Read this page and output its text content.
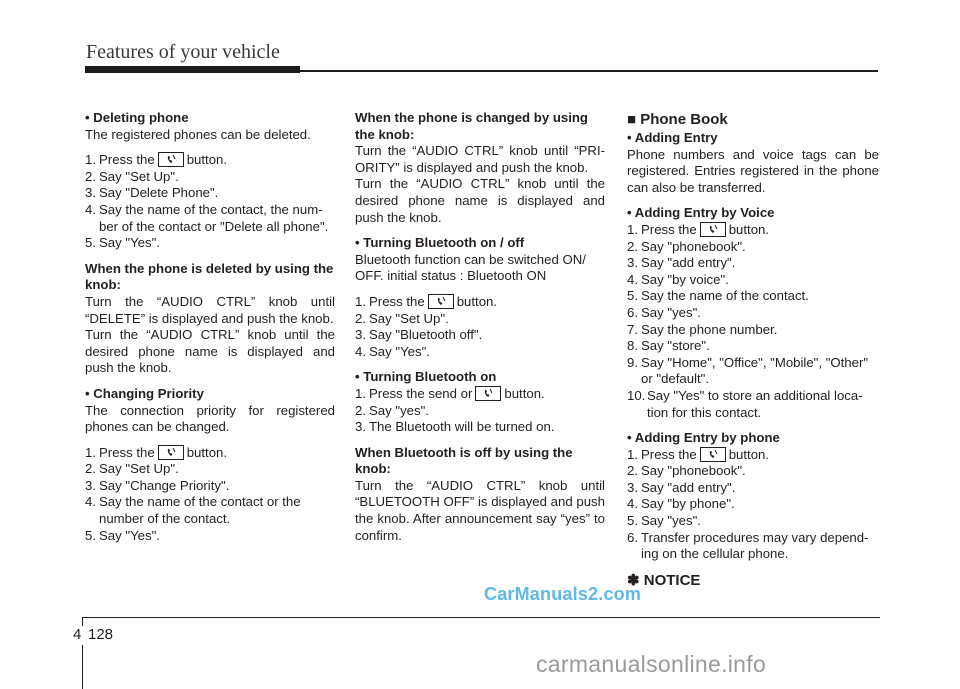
Features of your vehicle

• Deleting phone

The registered phones can be deleted.

1. Press the button.
2. Say "Set Up".
3. Say "Delete Phone".
4. Say the name of the contact, the num-ber of the contact or "Delete all phone".
5. Say "Yes".

When the phone is deleted by using the knob:

Turn the “AUDIO CTRL” knob until “DELETE” is displayed and push the knob.

Turn the “AUDIO CTRL” knob until the desired phone name is displayed and push the knob.

• Changing Priority

The connection priority for registered phones can be changed.

1. Press the button.
2. Say "Set Up".
3. Say "Change Priority".
4. Say the name of the contact or the number of the contact.
5. Say "Yes".

When the phone is changed by using the knob:

Turn the “AUDIO CTRL” knob until “PRI-ORITY” is displayed and push the knob.

Turn the “AUDIO CTRL” knob until the desired phone name is displayed and push the knob.

• Turning Bluetooth on / off

Bluetooth function can be switched ON/ OFF. initial status : Bluetooth ON

1. Press the button.
2. Say "Set Up".
3. Say "Bluetooth off".
4. Say "Yes".

• Turning Bluetooth on

1. Press the send or button.
2. Say "yes".
3. The Bluetooth will be turned on.

When Bluetooth is off by using the knob:

Turn the “AUDIO CTRL” knob until “BLUETOOTH OFF” is displayed and push the knob. After announcement say “yes” to confirm.

■ Phone Book

• Adding Entry

Phone numbers and voice tags can be registered. Entries registered in the phone can also be transferred.

• Adding Entry by Voice

1. Press the button.
2. Say "phonebook".
3. Say "add entry".
4. Say "by voice".
5. Say the name of the contact.
6. Say "yes".
7. Say the phone number.
8. Say "store".
9. Say "Home", "Office", "Mobile", "Other" or "default".
10. Say "Yes" to store an additional loca-tion for this contact.

• Adding Entry by phone

1. Press the button.
2. Say "phonebook".
3. Say "add entry".
4. Say "by phone".
5. Say "yes".
6. Transfer procedures may vary depend-ing on the cellular phone.

✽ NOTICE

4 128
CarManuals2.com
carmanualsonline.info
